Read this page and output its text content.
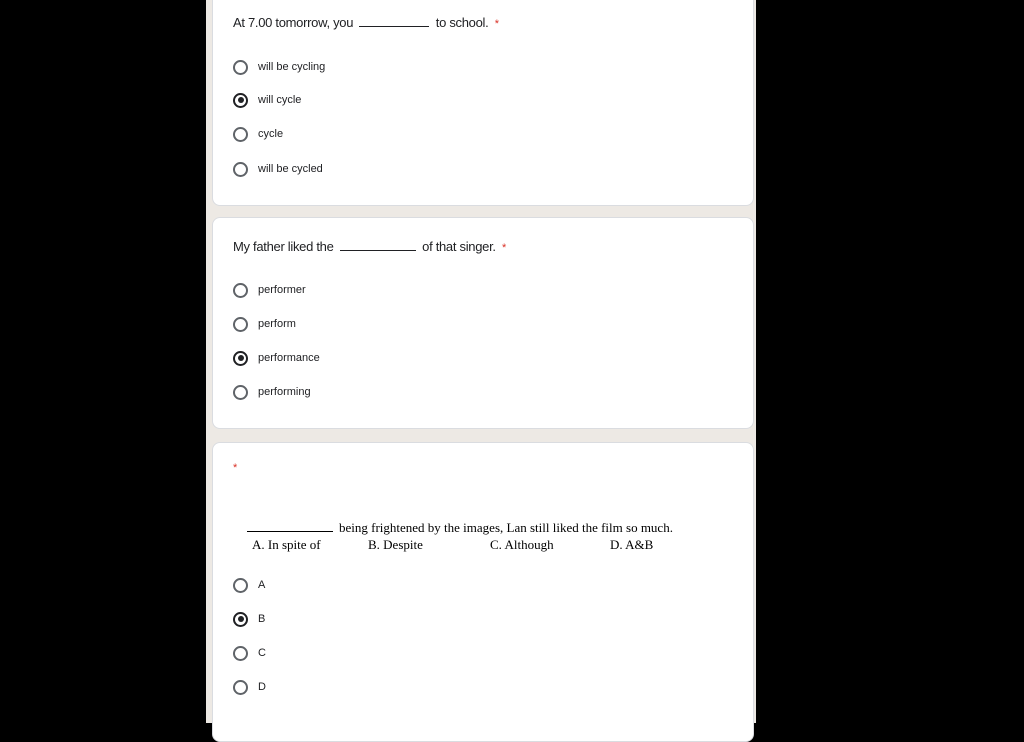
At 7.00 tomorrow, you	to school. *
will be cycling
will cycle
cycle
will be cycled
My father liked the	of that singer. *
performer
perform
performance
performing
*
being frightened by the images, Lan still liked the film so much.
A. In spite of	B. Despite	C. Although	D. A&B
A
B
C
D
